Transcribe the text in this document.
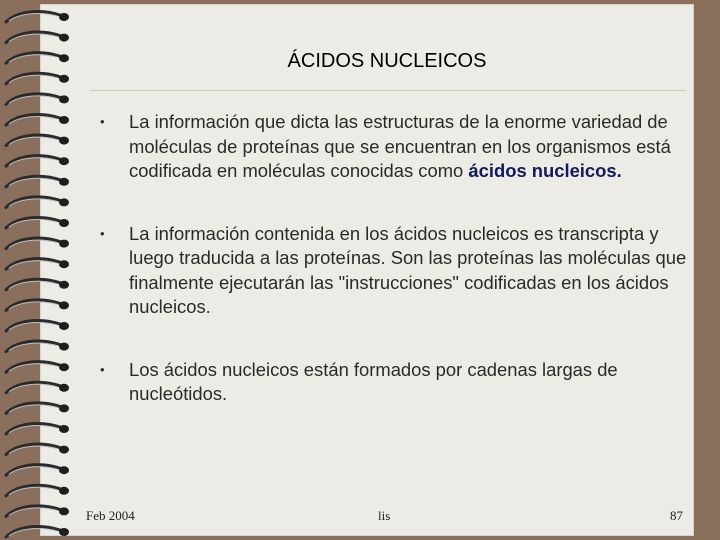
ÁCIDOS NUCLEICOS
• La información que dicta las estructuras de la enorme variedad de moléculas de proteínas que se encuentran en los organismos está codificada en moléculas conocidas como ácidos nucleicos.
• La información contenida en los ácidos nucleicos es transcripta y luego traducida a las proteínas. Son las proteínas las moléculas que finalmente ejecutarán las "instrucciones" codificadas en los ácidos nucleicos.
• Los ácidos nucleicos están formados por cadenas largas de nucleótidos.
Feb 2004	lis	87
